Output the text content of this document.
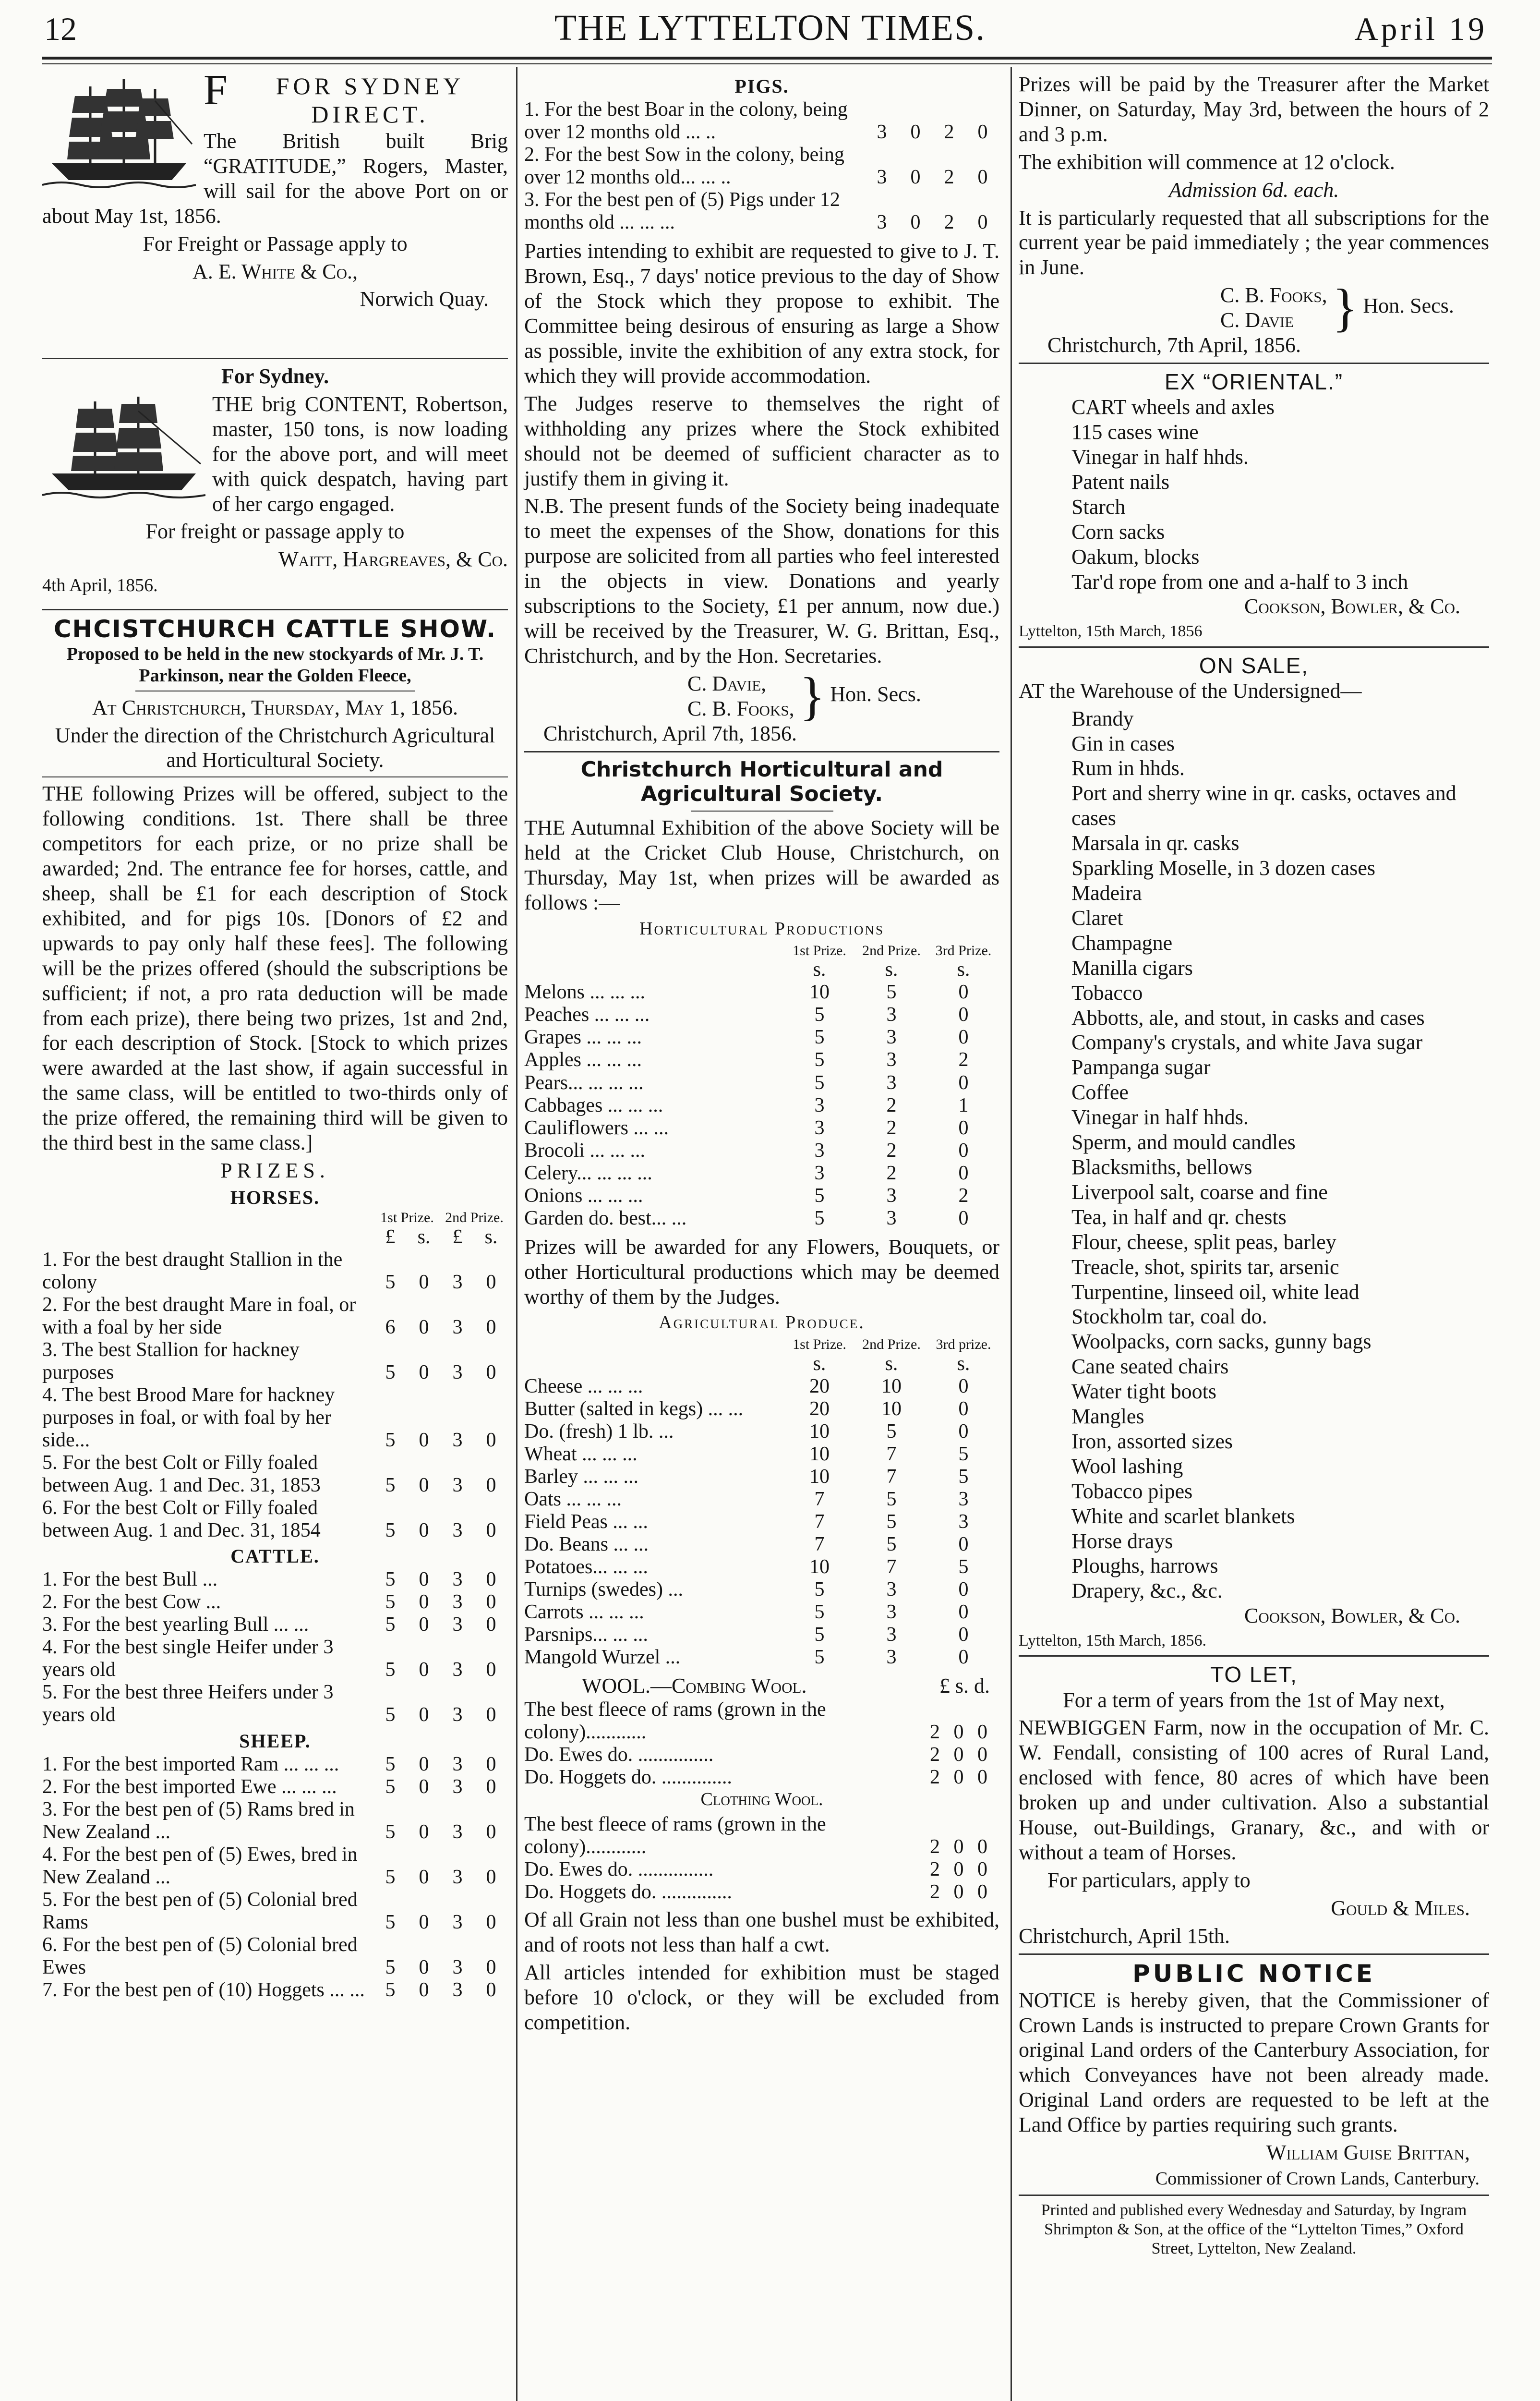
12	THE LYTTELTON TIMES.	April 19
F	FOR SYDNEY DIRECT.

The British built Brig “GRATITUDE,” Rogers, Master, will sail for the above Port on or about May 1st, 1856.

For Freight or Passage apply to

A. E. White & Co.,

Norwich Quay.

For Sydney.

THE brig CONTENT, Robertson, master, 150 tons, is now loading for the above port, and will meet with quick despatch, having part of her cargo engaged.

For freight or passage apply to

Waitt, Hargreaves, & Co.

4th April, 1856.

CHCISTCHURCH CATTLE SHOW.

Proposed to be held in the new stockyards of Mr. J. T. Parkinson, near the Golden Fleece,

At Christchurch, Thursday, May 1, 1856.

Under the direction of the Christchurch Agricultural and Horticultural Society.

THE following Prizes will be offered, subject to the following conditions. 1st. There shall be three competitors for each prize, or no prize shall be awarded; 2nd. The entrance fee for horses, cattle, and sheep, shall be £1 for each description of Stock exhibited, and for pigs 10s. [Donors of £2 and upwards to pay only half these fees]. The following will be the prizes offered (should the subscriptions be sufficient; if not, a pro rata deduction will be made from each prize), there being two prizes, 1st and 2nd, for each description of Stock. [Stock to which prizes were awarded at the last show, if again successful in the same class, will be entitled to two-thirds only of the prize offered, the remaining third will be given to the third best in the same class.]

PRIZES.

HORSES.
	1st Prize.		2nd Prize.	
	£	s.	£	s.
1. For the best draught Stallion in the colony	5	0	3	0
2. For the best draught Mare in foal, or with a foal by her side	6	0	3	0
3. The best Stallion for hackney purposes	5	0	3	0
4. The best Brood Mare for hackney purposes in foal, or with foal by her side...	5	0	3	0
5. For the best Colt or Filly foaled between Aug. 1 and Dec. 31, 1853	5	0	3	0
6. For the best Colt or Filly foaled between Aug. 1 and Dec. 31, 1854	5	0	3	0
CATTLE.
1. For the best Bull ...	5	0	3	0
2. For the best Cow ...	5	0	3	0
3. For the best yearling Bull ... ...	5	0	3	0
4. For the best single Heifer under 3 years old	5	0	3	0
5. For the best three Heifers under 3 years old	5	0	3	0
SHEEP.
1. For the best imported Ram ... ... ...	5	0	3	0
2. For the best imported Ewe ... ... ...	5	0	3	0
3. For the best pen of (5) Rams bred in New Zealand ...	5	0	3	0
4. For the best pen of (5) Ewes, bred in New Zealand ...	5	0	3	0
5. For the best pen of (5) Colonial bred Rams	5	0	3	0
6. For the best pen of (5) Colonial bred Ewes	5	0	3	0
7. For the best pen of (10) Hoggets ... ...	5	0	3	0
PIGS.
1. For the best Boar in the colony, being over 12 months old ... ..	3	0	2	0
2. For the best Sow in the colony, being over 12 months old... ... ..	3	0	2	0
3. For the best pen of (5) Pigs under 12 months old ... ... ...	3	0	2	0

Parties intending to exhibit are requested to give to J. T. Brown, Esq., 7 days' notice previous to the day of Show of the Stock which they propose to exhibit. The Committee being desirous of ensuring as large a Show as possible, invite the exhibition of any extra stock, for which they will provide accommodation.

The Judges reserve to themselves the right of withholding any prizes where the Stock exhibited should not be deemed of sufficient character as to justify them in giving it.

N.B. The present funds of the Society being inadequate to meet the expenses of the Show, donations for this purpose are solicited from all parties who feel interested in the objects in view. Donations and yearly subscriptions to the Society, £1 per annum, now due.) will be received by the Treasurer, W. G. Brittan, Esq., Christchurch, and by the Hon. Secretaries.

C. Davie,
C. B. Fooks, } Hon. Secs.

Christchurch, April 7th, 1856.

Christchurch Horticultural and Agricultural Society.

THE Autumnal Exhibition of the above Society will be held at the Cricket Club House, Christchurch, on Thursday, May 1st, when prizes will be awarded as follows :—

Horticultural Productions

	1st Prize.	2nd Prize.	3rd Prize.
	s.	s.	s.
Melons ... ... ...	10	5	0
Peaches ... ... ...	5	3	0
Grapes ... ... ...	5	3	0
Apples ... ... ...	5	3	2
Pears... ... ... ...	5	3	0
Cabbages ... ... ...	3	2	1
Cauliflowers ... ...	3	2	0
Brocoli ... ... ...	3	2	0
Celery... ... ... ...	3	2	0
Onions ... ... ...	5	3	2
Garden do. best... ...	5	3	0

Prizes will be awarded for any Flowers, Bouquets, or other Horticultural productions which may be deemed worthy of them by the Judges.

Agricultural Produce.

	1st Prize.	2nd Prize.	3rd prize.
	s.	s.	s.
Cheese ... ... ...	20	10	0
Butter (salted in kegs) ... ...	20	10	0
Do. (fresh) 1 lb. ...	10	5	0
Wheat ... ... ...	10	7	5
Barley ... ... ...	10	7	5
Oats ... ... ...	7	5	3
Field Peas ... ...	7	5	3
Do. Beans ... ...	7	5	0
Potatoes... ... ...	10	7	5
Turnips (swedes) ...	5	3	0
Carrots ... ... ...	5	3	0
Parsnips... ... ...	5	3	0
Mangold Wurzel ...	5	3	0
WOOL.—Combing Wool.	£ s. d.
The best fleece of rams (grown in the colony)............	2 0 0
Do. Ewes do. ...............	2 0 0
Do. Hoggets do. ..............	2 0 0

Clothing Wool.

The best fleece of rams (grown in the colony)............	2 0 0
Do. Ewes do. ...............	2 0 0
Do. Hoggets do. ..............	2 0 0

Of all Grain not less than one bushel must be exhibited, and of roots not less than half a cwt.

All articles intended for exhibition must be staged before 10 o'clock, or they will be excluded from competition.

Prizes will be paid by the Treasurer after the Market Dinner, on Saturday, May 3rd, between the hours of 2 and 3 p.m.

The exhibition will commence at 12 o'clock.

Admission 6d. each.

It is particularly requested that all subscriptions for the current year be paid immediately ; the year commences in June.

C. B. Fooks,
C. Davie } Hon. Secs.

Christchurch, 7th April, 1856.

EX “ORIENTAL.”
CART wheels and axles
115 cases wine
Vinegar in half hhds.
Patent nails
Starch
Corn sacks
Oakum, blocks
Tar'd rope from one and a-half to 3 inch

Cookson, Bowler, & Co.

Lyttelton, 15th March, 1856

ON SALE,

AT the Warehouse of the Undersigned—

Brandy
Gin in cases
Rum in hhds.
Port and sherry wine in qr. casks, octaves and cases
Marsala in qr. casks
Sparkling Moselle, in 3 dozen cases
Madeira
Claret
Champagne
Manilla cigars
Tobacco
Abbotts, ale, and stout, in casks and cases
Company's crystals, and white Java sugar
Pampanga sugar
Coffee
Vinegar in half hhds.
Sperm, and mould candles
Blacksmiths, bellows
Liverpool salt, coarse and fine
Tea, in half and qr. chests
Flour, cheese, split peas, barley
Treacle, shot, spirits tar, arsenic
Turpentine, linseed oil, white lead
Stockholm tar, coal do.
Woolpacks, corn sacks, gunny bags
Cane seated chairs
Water tight boots
Mangles
Iron, assorted sizes
Wool lashing
Tobacco pipes
White and scarlet blankets
Horse drays
Ploughs, harrows
Drapery, &c., &c.

Cookson, Bowler, & Co.

Lyttelton, 15th March, 1856.

TO LET,

For a term of years from the 1st of May next,

NEWBIGGEN Farm, now in the occupation of Mr. C. W. Fendall, consisting of 100 acres of Rural Land, enclosed with fence, 80 acres of which have been broken up and under cultivation. Also a substantial House, out-Buildings, Granary, &c., and with or without a team of Horses.

For particulars, apply to

Gould & Miles.

Christchurch, April 15th.

PUBLIC NOTICE

NOTICE is hereby given, that the Commissioner of Crown Lands is instructed to prepare Crown Grants for original Land orders of the Canterbury Association, for which Conveyances have not been already made. Original Land orders are requested to be left at the Land Office by parties requiring such grants.

William Guise Brittan,

Commissioner of Crown Lands, Canterbury.

Printed and published every Wednesday and Saturday, by Ingram Shrimpton & Son, at the office of the “Lyttelton Times,” Oxford Street, Lyttelton, New Zealand.
